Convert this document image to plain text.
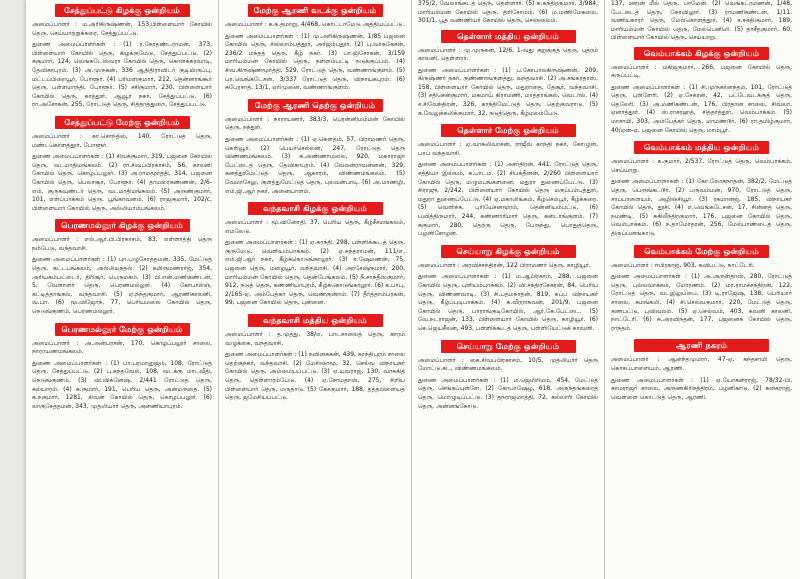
சேத்துப்பட்டு கிழக்கு ஒன்றியம்

அமைப்பாளர் : ம.அரிகிருஷ்ணன், 153,பிள்ளையார் கோயில் தெரு, செய்யாற்றுக்கரை, சேத்துப்பட்டு.

துணை அமைப்பாளர்கள் : (1) ர.கோதண்டராமன், 373, பிள்ளையார் கோயில் தெரு, கிழக்குமேடு, சேத்துப்பட்டு. (2) சுகுமார், 124, வெங்கடேஸ்வரா கோயில் தெரு, கொளக்கரவாடி, தேவிகாபுரம். (3) அ.முருகன், 336 ஆதிதிராவிடர் குடியிருப்பு, மட்டப்பிறையூர், போளூர். (4) பரிமளகுமார், 212, தென்னாங்கூர் தெரு, பள்ளமாந்தி, போளூர். (5) சசிகுமார், 230, பிள்ளையார் கோயில் தெரு, காத்தூர், ஆவூர் நகர், சேத்துப்பட்டு. (6) ரா.அசோகன், 255, ரோட்டுத் தெரு, சித்தாத்துறை, சேத்துப்பட்டு.

சேத்துப்பட்டு மேற்கு ஒன்றியம்

அமைப்பாளர் : கா.சொந்தில், 140, ரோட்டுத் தெரு, மண்டகொளத்தூர், போளூர்.

துணை அமைப்பாளர்கள் : (1) சிவக்குமார், 319, பஜனை கோயில் தெரு, வடமாதிமங்கலம். (2) ரா.சிவப்பிரகாசம், 56, காலனி கோயில் தெரு, கொழப்பலூர். (3) அ.ராமமூர்த்தி, 314, பஜனை கோயில் தெரு, பெலாசூர், போளூர். (4) தாமரைகண்ணன், 2/6-எம், குருகவுண்டர் தெரு, வடமாதிமங்கலம். (5) அருண்குமார், 101, எள்ப்பாக்கம் தெரு, பூங்காவனம். (6) ராஜகுமார், 102/c, பிள்ளையார் கோயில் தெரு, அல்லியாம்பங்கலம்.

பெரணமல்லூர் கிழக்கு ஒன்றியம்

அமைப்பாளர் : எல்.ஆர்.பி.பிரகாசம், 83, எள்ளாத்தி தெரு நம்பேடு, வந்தவாசி.

துணை அமைப்பாளர்கள் : (1) பா.பழுசோத்தமன், 335, மேட்டுத் தெரு, கட்டபங்கலம், அல்லியந்தல். (2) கமிருமணராஜ், 354, அரியகம்பட்டைர், திரிசூர், பெருமகம். (3) பி.என்.மணிகண்டன், 5, வேளாளர் தெரு, பெரணமல்லூர். (4) கோபால்ஞ், கட்டித்தாங்கல், வந்தவாசி. (5) ஏ.நந்தகுமார், ஆரணிகாலனி, வ.பா. (6) மூ.விஜோந், 77, பெரியமலை கோயில் தெரு, நெடுங்குணம், பெரணமல்லூர்.

பெரணமல்லூர் மேற்கு ஒன்றியம்

அமைப்பாளர் : அ.அன்பரசன், 170, கொழப்பலூர் சாலை, நாராயணமங்கலம்.

துணை அமைப்பாளர்கள் : (1) பா.பரமானுஜம், 108, ரோட்டுத் தெரு, சேத்துப்பட்டு. (2) பு.கந்தவேல், 108, வடக்கு மாடவீதி, நெடுங்குணம். (3) வி.விக்னேஷ், 2/441 ரோட்டுத் தெரு, கல்யாரம். (4) சு.குமார், 191, பெரிய தெரு, அன்மருதை. (5) க.நகுமார், 1281, சிவன் கோயில் தெரு, கொழப்பலூர். (6) லாகுசேத்தமன், 343, முதலியார் தெரு, அனணியாபுரம்.

மேற்கு ஆரணி வடக்கு ஒன்றியம்

அமைப்பாளர் : க.க.தமாறு, 4/468, கொட்டாமேடு அத்தியப்பட்டு.

துணை அமைப்பாளர்கள் : (1) மு.அரிகிருஷ்ணன், 1/85 பஜனை கோயில் தெரு, சில்லாம்பத்தூர், அர்ஜம்புதூர். (2) பு.வாசுகேசன், 236/2 மந்தத் தெரு, கீழ் நகர். (3) பா.ஜிசோகன், 3/159 மாரியம்மன் கோயில் தெரு, நள்ளம்பட்டி நடுக்குப்பம். (4) சிவ.கிருஷ்ணமூர்த்தி, 529, ரோட்டுத் தெரு, வண்ணாங்குளம். (5) பா.வெங்கடேசன், 3/337 ரோட்டுத் தெரு, விநாயகபுரம். (6) சுபேரசாத், 13/1, ஏரிமுனை, வண்ணாங்குளம்.

மேற்கு ஆரணி தெற்கு ஒன்றியம்

அமைப்பாளர் : நாராயணர், 383/3, பெரன்னிமம்மன் கோயில் தெரு, நந்தூர்.

துணை அமைப்பாளர்கள் : (1) ஏ.கௌதம், 57, பிராமணர் தெரு, கெறிவூர். (2) பெயர்செல்லன், 247, ரோட்டுத் தெரு விண்ணமங்கலம். (3) க.அண்ணாமலை, 920, மகாராஜா பேட்டைத் தெரு, தேவிகாபுரம். (4) வேலன்ராவன்னன், 329, கனத்தூமேட்டுத் தெரு, ஆகாரம், விண்ணமங்கலம். (5) வேமாசேலு, குளத்துமேட்டுத் தெரு, புலவன்பாடி. (6) அ.மாணழி, எம்.ஜி.ஆர் நகர், அனையாளம்.

வந்தவாசி கிழக்கு ஒன்றியம்

அமைப்பாளர் : மூ.வினோதி, 37, பெரிய தெரு, கீழ்சீசமங்கலம், எமலேடு.

துணை அமைப்பாளர்கள் : (1) ஏ.காந்தி, 298, பள்ளிக்கூடத் தெரு, குருமேடு, வெளியம்பாக்கம். (2) ஏ.சுந்தராமன், 111/எ, எம்.ஜி.ஆர் நகர், கீழ்க்கொடுங்காலூர். (3) ச.ஷேமணன், 75, பஜனை தெரு, மழையூர், வந்தவாசி. (4) அரசேஷ்குமார், 200, மாரியம்மன் கோயில் தெரு, தென்பேங்கலம். (5) நீ.சாந்தீஸ்குமார், 912, நடுத் தெரு, கண்ணியாபுரம், கீழ்க்கொடுங்காலூர். (6) க.பாபு, 2/165-ஏ, அம்பேத்கர் தெரு, வெண்குன்றம். (7) தீர்த்தாம்பரகன், 99, பஜனை கோயில் தெரு, புன்னை.

வந்தவாசி மத்திய ஒன்றியம்

அமைப்பாளர் : த.முத்து, 38/எ, பாடசாலைத் தெரு, காரம் வழுக்கை, வந்தவாசி.

துணை அமைப்பாளர்கள் : (1) நவினசுகன், 439, காந்திபுரம் சாலை தெற்குநகர், வந்தவாசி. (2) மேசிஞாமூ, 32, செல்வ விநாயகர் கோயில் தெரு, அம்மையப்பட்டு. (3) ஏ.யுவராஜ், 130, வாசுகித் தெரு, தெள்ளாரம்பேடு. (4) ஏ.சோமதாஸ், 275, சிறிய பிள்ளையார் தெரு, மருதாடு. (5) கேசகுமார், 188, தத்தபிளையத் தெரு, ஜமேசியப்பட்டு.

375/2, வேலாங்கடத் தெரு, தெள்ளார். (5) சு.கந்திரகுமார், 3/984, மாரியம்மன் கோயில் தெரு, திரிசோமம். (6) ம.மணிமேகலை, 301/1, பூத வண்ணியர் கோயில் தெரு, செஞ்ஞலம்.

தெள்ளார் மத்திய ஒன்றியம்

அமைப்பாளர் : மு.முருகன், 12/6, 1-வது குறுக்குத் தெரு, புத்ரம் காலனி, தெள்ளார்.

துணை அமைப்பாளர்கள் : (1) ப.கோபாலகிருஷ்ணன், 209, கிருஷ்ணர் நகர், குண்ணாங்குளத்து, வந்தவாசி. (2) அ.சங்கரதாஸ், 158, பிள்ளையார் கோயில் தெரு, மதுராதை, தேசூர், வந்தவாசி. (3) சதிசென்குமார், மகமாய் கிராமணி, மாத்தாங்கல், வெடால். (4) ச.சிவேந்திரன், 326, காந்திமேட்டுத் தெரு, தெற்குவராடு. (5) க.வேலுக்கலிக்குமார், 32, நடுத்தெரு, கீழ்மலம்பேடு.

தெள்ளார் மேற்கு ஒன்றியம்

அமைப்பாளர் : ஏ.வாசுலிவாசன், ராஜீவ் காந்தி நகர், கோழுன், பாப் வந்தவாசி.

துணை அமைப்பாளர்கள் : (1) அசர்திரன், 441, ரோட்டுத் தெரு, சத்தியா இல்லம், சு.பாடம். (2) சிபக்தீனன், 2/260 பிள்ளையார் கோயில் தெரு, மழும்பங்களனை, மதுரா துணைப்பேட்டு. (3) சிராஜு, 2/242, பிள்ளையார் கோயில் தெரு மகுப்பம்புத்தூர், மதுரா துணைப்பேட்டு. (4) ஏ.மகாலிங்கம், கீழ்செம்பூர், கீழ்க்கரை. (5) வெளிச்சு, புரியேசனமூரம், தென்னியம்பட்டு, (6) பவித்திருமார், 244, கண்ணாரிமார் தெரு, கன்டாங்குளம். (7) சுகுமார், 280, தெற்கு தெரு, பேருந்து, பொதுத்தெரு, பழனிசோழன்.

செய்யாறு கிழக்கு ஒன்றியம்

அமைப்பாளர் : அரவிச்சந்திரன், 122 பிராமணர் தெரு, காழியூர்.

துணை அமைப்பாளர்கள் : (1) ம.ஆபிரகாம், 288, பஜனை கோயில் தெரு, புளியம்பாக்கம். (2) வி.சந்திரசேகரன், 84, பெரிய தெரு, விண்ணவாடி. (3) சி.பத்மநாதன், 819, சுப்ப விநாயகர் தெரு, கீழ்ப்புடிபாக்கம். (4) க.வீரராகவன், 201/9, பஜனை கோயில் தெரு, பாராங்குடிகோயில், ஆர்.கே.பேட்டை. (5) வே.நடராஜன், 133, பிள்ளையார் கோயில் தெரு, காழியூர். (6) செ.ஜெயசீலன், 493, பள்ளிக்கூடத் தெரு, பள்ளியேட்டுக் காவனி.

செய்யாறு மேற்கு ஒன்றியம்

அமைப்பாளர் : கை.சிவப்பிரகாசம், 10/5, முதலியார் தெரு மோட்டு.கட, விண்ணமங்கலம்.

துணை அமைப்பாளர்கள் : (1) ம.ஜெமிரிமம், 454, மேட்டுத் தெரு, செங்கப்புள்ளே. (2) கோபாஷேழ, 618, அருந்தங்கரைத் தெரு, மொழுடிப்பட்டு. (3) தந்ராஜமாத்தி, 72, கல்லாரி கோயில் தெரு, அன்னங்கோடு.

137, ஊரன் மீல் தெரு, பாமேன். (2) வெங்கட்ரமணன், 1/48, பேட்டைத் தெரு, கோவிலூர். (3) ராமணிகண்டன், 1/11, வணியகாரர் தெரு, மேல்கொளத்தூர். (4) ச.சக்திகுமார், 189, மாரியம்மன் கோயில் தெரு, மேல்பெனிலி. (5) தாசீதகுமார், 60, பிள்ளையார் கோயில் தெரு, செய்யாறு.

வெம்பாக்கம் கிழக்கு ஒன்றியம்

அமைப்பாளர் : மகிஜகுமார், 266, பஜனை கோயில் தெரு, கருப்பட்டி.

துணை அமைப்பாளர்கள் : (1) சி.முருகானந்தம், 101, ரோட்டுத் தெரு, புள்ளேரி. (2) ஏ.சேகரன், 42, பட்டேவடக்குத் தெரு, தெலேரி. (3) அ.மணிகண்டன், 176, பிரதான சாலை, சிவ்லா, ஏனாத்தூர். (4) ஸ்.ராசரஹத், சித்தாத்தூர், வெம்பாக்கம். (5) மாசாயி, 303, அம்பேத்கர் தெரு, மாமண்டூர். (6) ரா.தமிழ்குமார், 40/ஏன்-ஏ, பஜனை கோயில் தெரு, மாம்பூர்.

வெம்பாக்கம் மத்திய ஒன்றியம்

அமைப்பாளர் : க.குமார், 2/537, ரோட்டுத் தெரு, வெம்பாக்கம், செய்யாறு.

துணை அமைப்பாளர்கள் : (1) கோ.லோகநாதன், 382/2, மேட்டுத் தெரு, பெருங்கட்டூர். (2) பருவம்மன், 970, ரோட்டுத் தெரு, சாப்பாளையம், அழிஞ்சியூர். (3) ரகமானஜ், 185, விநாயகர் கோயில் தெரு, தூசி. (4) எ.வெங்கடேசன், 17, சின்னத் தெரு, நமண்டி. (5) சுகிலீந்திரகுமார், 176, பஜனை கோயில் தெரு, வெம்பாக்கம். (6) ந.தாமோதரன், 256, மேல்பாண்டைத் தெரு, திருப்பனங்காடு.

வெம்பாக்கம் மேற்கு ஒன்றியம்

அமைப்பாளர் : ஈபிரகாஜ், 903, கவிபட்டு, நாட்டேரி.

துணை அமைப்பாளர்கள் : (1) அ.அருள்தாஸ், 280, ரோட்டுத் தெரு, புல்லவாக்கம், மோரணம். (2) மா.ராமச்சந்திரன், 122, ரோட்டுத் தெரு, வடஇலுப்பை. (3) டி.ராஜேஷ், 138, பெரியார் சாலை, சுமங்கலி. (4) சி.செல்வகுமார், 220, மேட்டுத் தெரு, கணபட்டு, புவிவலம். (5) ஏ.செல்வம், 403, கவனி காலனி, நாட்டேரி. (6) சு.அரவிந்தன், 177, பஜனைக் கோயில் தெரு, ராந்தம்.

ஆரணி நகரம்

அமைப்பாளர் : ஆனந்தமுமார், 47-ஏ, கந்தசாமி தெரு, கொசப்பாளையம், ஆரணி.

துணை அமைப்பாளர்கள் : (1) ஏ.யோகன்ராஜ், 78/32-பி, காமராஜர் சாலை, அருணகிரிசத்திரம், பழனிகாடு. (2) கனகராஜ், வெள்ளை கொட்டுத் தெரு, ஆரணி.
